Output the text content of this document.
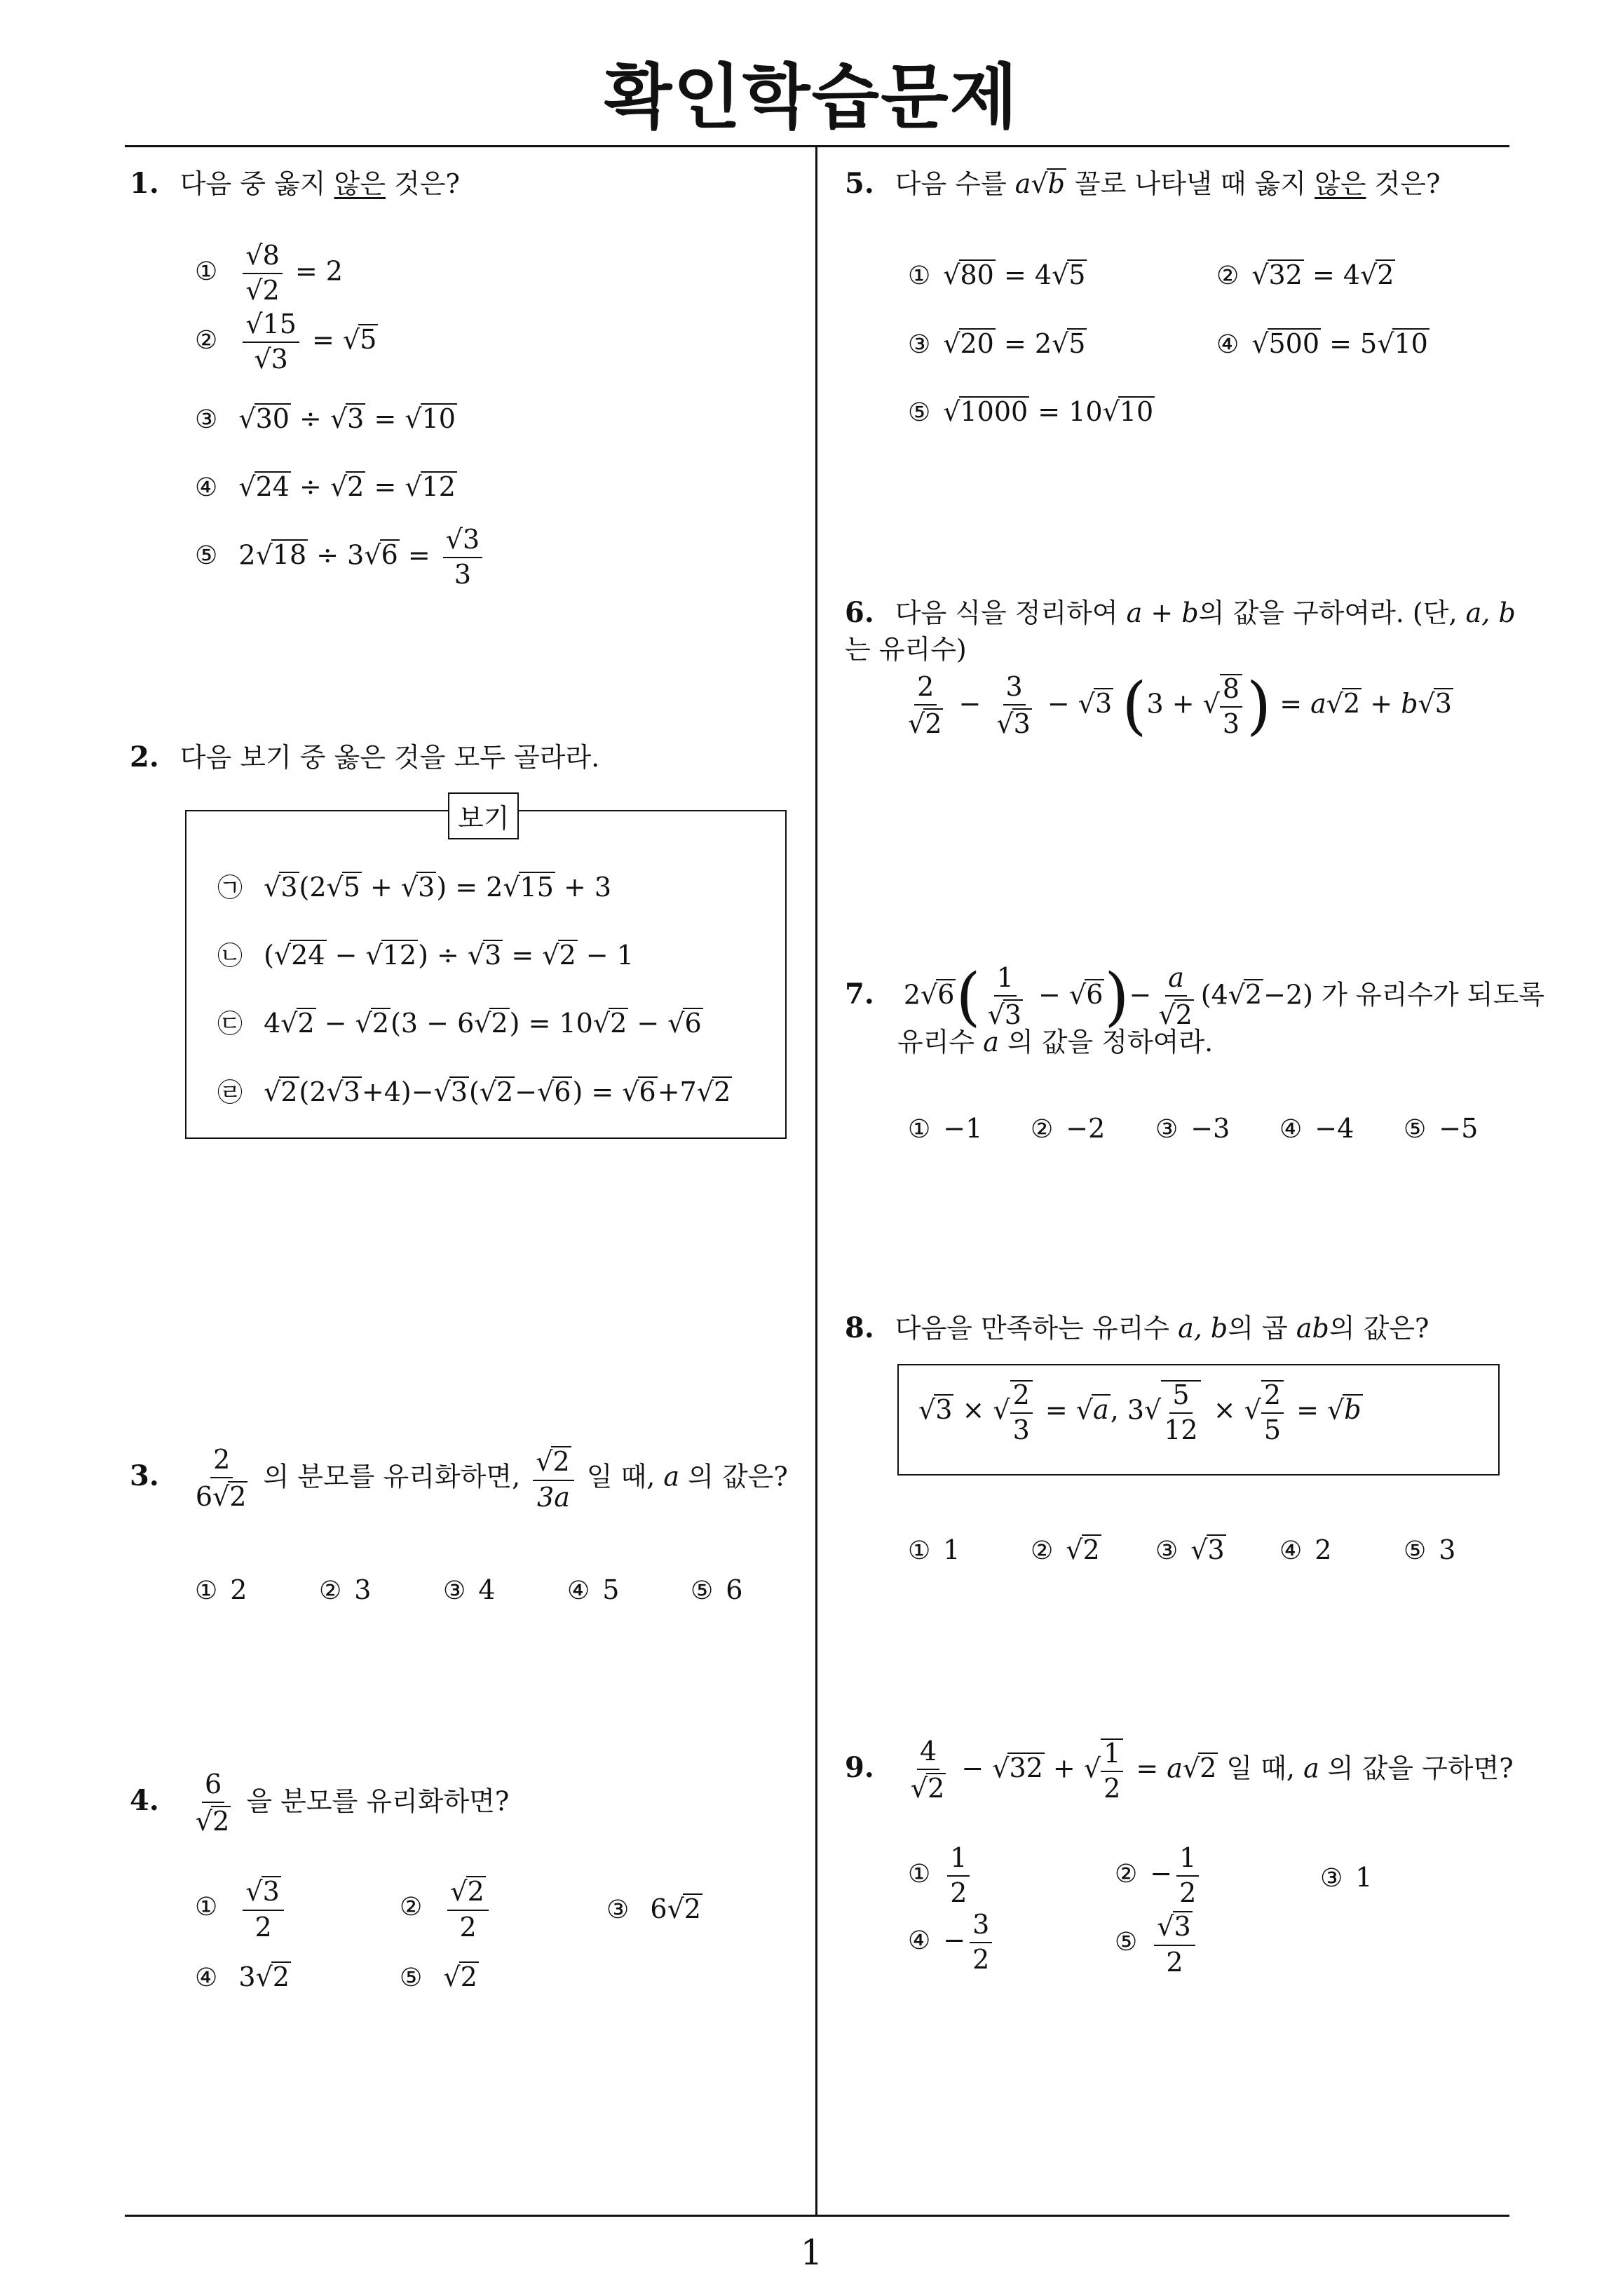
확인학습문제
1
1. 다음 중 옳지 않은 것은?
① $\frac{√8}{√2} = 2$
② $\frac{√15}{√3} = √5$
③ √30 ÷ √3 = √10
④ √24 ÷ √2 = √12
⑤ $2√18 \div 3√6 = \frac{√3}{3}$
2. 다음 보기 중 옳은 것을 모두 골라라.
보기
㉠ √3(2√5 + √3) = 2√15 + 3
㉡ (√24 − √12) ÷ √3 = √2 − 1
㉢ 4√2 − √2(3 − 6√2) = 10√2 − √6
㉣ √2(2√3+4)−√3(√2−√6) = √6+7√2
3. $\frac{2}{6√2}$ 의 분모를 유리화하면, $\frac{√2}{3a}$ 일 때, a 의 값은?
① 2	② 3	③ 4	④ 5	⑤ 6
4. $\frac{6}{√2}$ 을 분모를 유리화하면?
① $\frac{√3}{2}$	② $\frac{√2}{2}$	③ 6√2
④ 3√2	⑤ √2
5. 다음 수를 a√b 꼴로 나타낼 때 옳지 않은 것은?
① √80 = 4√5	② √32 = 4√2
③ √20 = 2√5	④ √500 = 5√10
⑤ √1000 = 10√10
6. 다음 식을 정리하여 a + b의 값을 구하여라. (단, a, b
는 유리수)
$\frac{2}{√2} - \frac{3}{√3} - √3$ (3 + √ $\frac{8}{3}$ ) = a√2 + b√3
7. $2√6( \frac{1}{√3} - √6)- \frac{a}{√2} (4√2-2)$ 가 유리수가 되도록
유리수 a 의 값을 정하여라.
① −1 ② −2 ③ −3 ④ −4 ⑤ −5
8. 다음을 만족하는 유리수 a, b의 곱 ab의 값은?
√3 × √ $\frac{2}{3} = √a$, $3√ \frac{5}{12}$ × √ $\frac{2}{5} = √b$
① 1	② √2 ③ √3 ④ 2	⑤ 3
9. $\frac{4}{√2} - √32$ + √ $\frac{1}{2} = a√2$ 일 때, a 의 값을 구하면?
① $\frac{1}{2}$	② − $\frac{1}{2}$	③ 1
④ − $\frac{3}{2}$	⑤ $\frac{√3}{2}$
